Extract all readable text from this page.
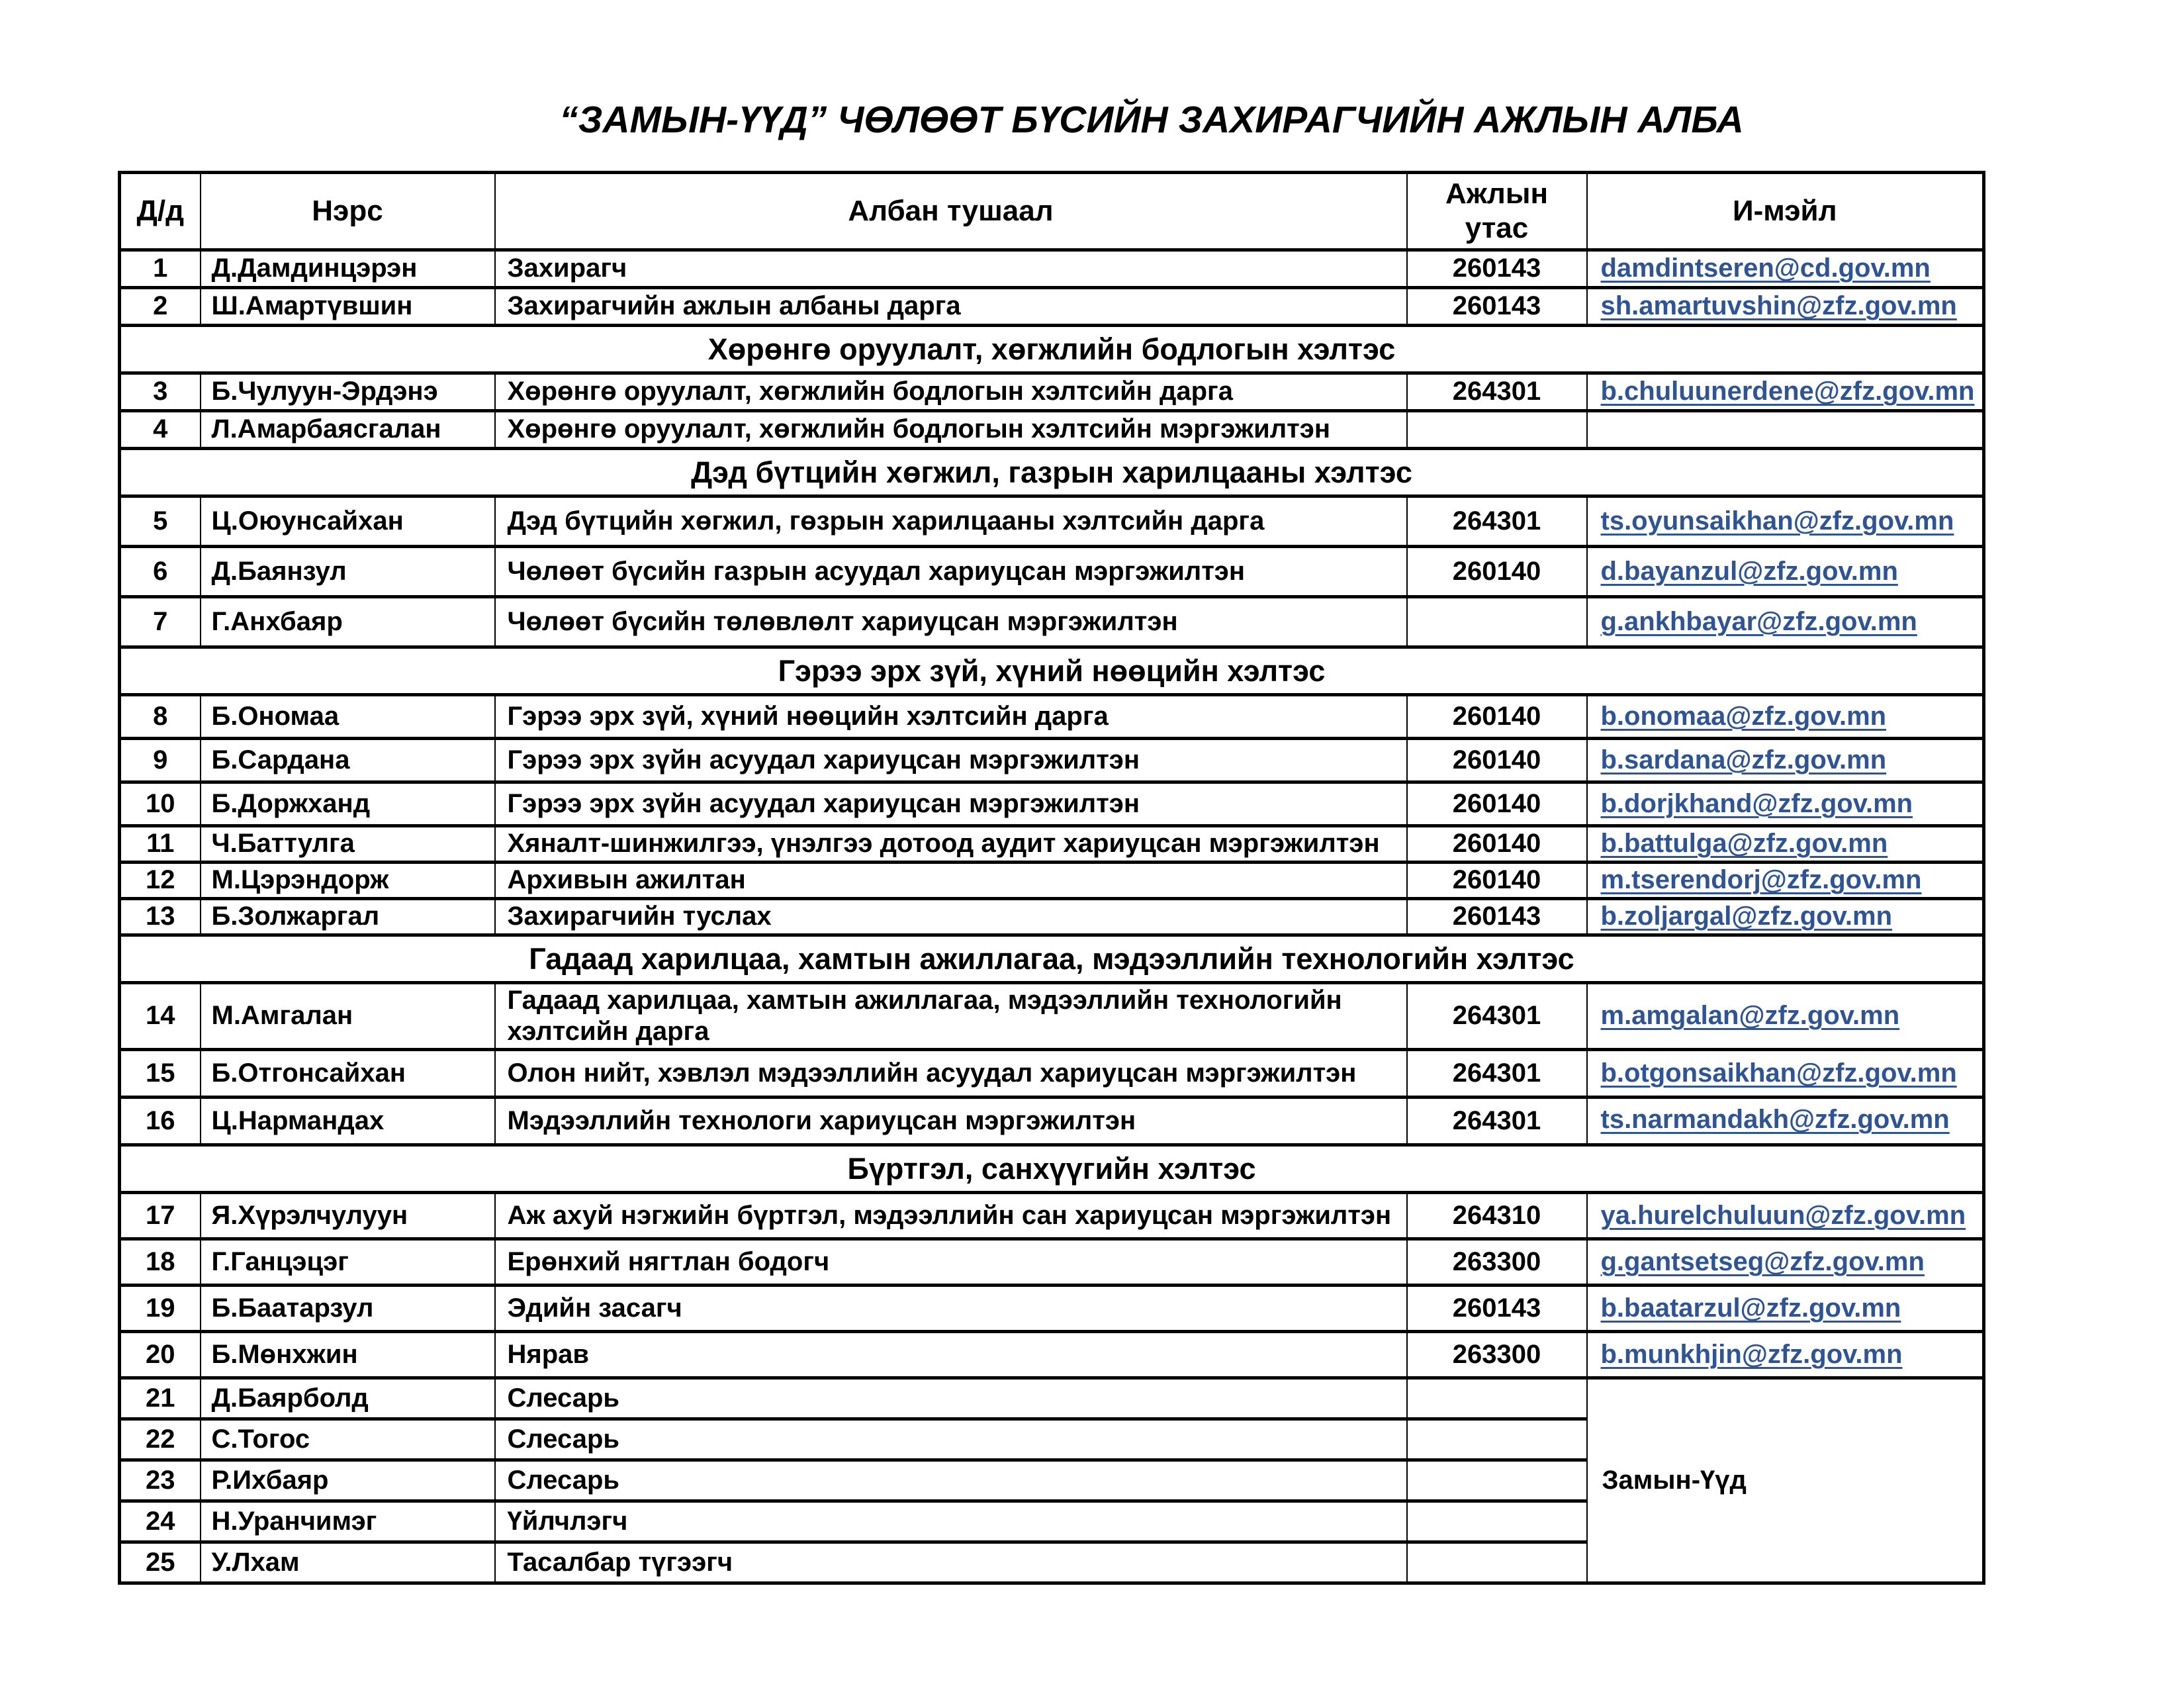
“ЗАМЫН-ҮҮД” ЧӨЛӨӨТ БҮСИЙН ЗАХИРАГЧИЙН АЖЛЫН АЛБА
Д/д	Нэрс	Албан тушаал	Ажлын утас	И-мэйл
1	Д.Дамдинцэрэн	Захирагч	260143	damdintseren@cd.gov.mn
2	Ш.Амартүвшин	Захирагчийн ажлын албаны дарга	260143	sh.amartuvshin@zfz.gov.mn
Хөрөнгө оруулалт, хөгжлийн бодлогын хэлтэс				
3	Б.Чулуун-Эрдэнэ	Хөрөнгө оруулалт, хөгжлийн бодлогын хэлтсийн дарга	264301	b.chuluunerdene@zfz.gov.mn
4	Л.Амарбаясгалан	Хөрөнгө оруулалт, хөгжлийн бодлогын хэлтсийн мэргэжилтэн		
Дэд бүтцийн хөгжил, газрын харилцааны хэлтэс				
5	Ц.Оюунсайхан	Дэд бүтцийн хөгжил, гөзрын харилцааны хэлтсийн дарга	264301	ts.oyunsaikhan@zfz.gov.mn
6	Д.Баянзул	Чөлөөт бүсийн газрын асуудал хариуцсан мэргэжилтэн	260140	d.bayanzul@zfz.gov.mn
7	Г.Анхбаяр	Чөлөөт бүсийн төлөвлөлт хариуцсан мэргэжилтэн		g.ankhbayar@zfz.gov.mn
Гэрээ эрх зүй, хүний нөөцийн хэлтэс				
8	Б.Ономаа	Гэрээ эрх зүй, хүний нөөцийн хэлтсийн дарга	260140	b.onomaa@zfz.gov.mn
9	Б.Сардана	Гэрээ эрх зүйн асуудал хариуцсан мэргэжилтэн	260140	b.sardana@zfz.gov.mn
10	Б.Доржханд	Гэрээ эрх зүйн асуудал хариуцсан мэргэжилтэн	260140	b.dorjkhand@zfz.gov.mn
11	Ч.Баттулга	Хяналт-шинжилгээ, үнэлгээ дотоод аудит хариуцсан мэргэжилтэн	260140	b.battulga@zfz.gov.mn
12	М.Цэрэндорж	Архивын ажилтан	260140	m.tserendorj@zfz.gov.mn
13	Б.Золжаргал	Захирагчийн туслах	260143	b.zoljargal@zfz.gov.mn
Гадаад харилцаа, хамтын ажиллагаа, мэдээллийн технологийн хэлтэс				
14	М.Амгалан	Гадаад харилцаа, хамтын ажиллагаа, мэдээллийн технологийн хэлтсийн дарга	264301	m.amgalan@zfz.gov.mn
15	Б.Отгонсайхан	Олон нийт, хэвлэл мэдээллийн асуудал хариуцсан мэргэжилтэн	264301	b.otgonsaikhan@zfz.gov.mn
16	Ц.Нармандах	Мэдээллийн технологи хариуцсан мэргэжилтэн	264301	ts.narmandakh@zfz.gov.mn
Бүртгэл, санхүүгийн хэлтэс				
17	Я.Хүрэлчулуун	Аж ахуй нэгжийн бүртгэл, мэдээллийн сан хариуцсан мэргэжилтэн	264310	ya.hurelchuluun@zfz.gov.mn
18	Г.Ганцэцэг	Ерөнхий нягтлан бодогч	263300	g.gantsetseg@zfz.gov.mn
19	Б.Баатарзул	Эдийн засагч	260143	b.baatarzul@zfz.gov.mn
20	Б.Мөнхжин	Нярав	263300	b.munkhjin@zfz.gov.mn
21	Д.Баярболд	Слесарь		Замын-Үүд
22	С.Тогос	Слесарь		
23	Р.Ихбаяр	Слесарь		
24	Н.Уранчимэг	Үйлчлэгч		
25	У.Лхам	Тасалбар түгээгч		
